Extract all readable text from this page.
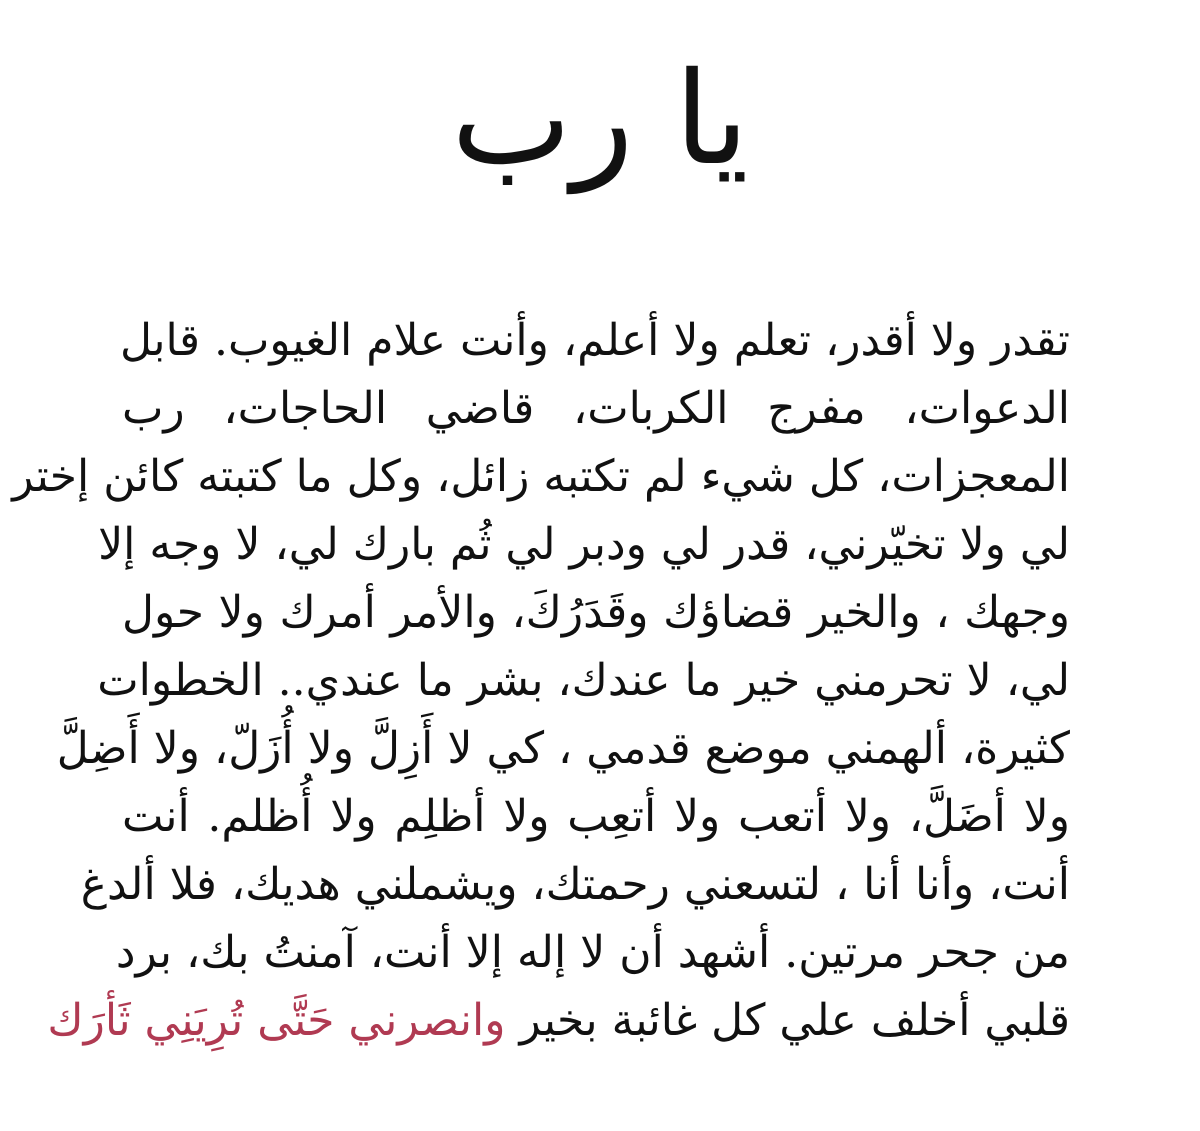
يا رب
تقدر ولا أقدر، تعلم ولا أعلم، وأنت علام الغيوب. قابل
الدعوات، مفرج الكربات، قاضي الحاجات، رب
المعجزات، كل شيء لم تكتبه زائل، وكل ما كتبته كائن إختر
لي ولا تخيّرني، قدر لي ودبر لي ثُم بارك لي، لا وجه إلا
وجهك ، والخير قضاؤك وقَدَرُكَ، والأمر أمرك ولا حول
لي، لا تحرمني خير ما عندك، بشر ما عندي.. الخطوات
كثيرة، ألهمني موضع قدمي ، كي لا أَزِلَّ ولا أُزَلّ، ولا أَضِلَّ
ولا أضَلَّ، ولا أتعب ولا أتعِب ولا أظلِم ولا أُظلم. أنت
أنت، وأنا أنا ، لتسعني رحمتك، ويشملني هديك، فلا ألدغ
من جحر مرتين. أشهد أن لا إله إلا أنت، آمنتُ بك، برد
قلبي أخلف علي كل غائبة بخير وانصرني حَتَّى تُرِيَنِي ثَأرَك
